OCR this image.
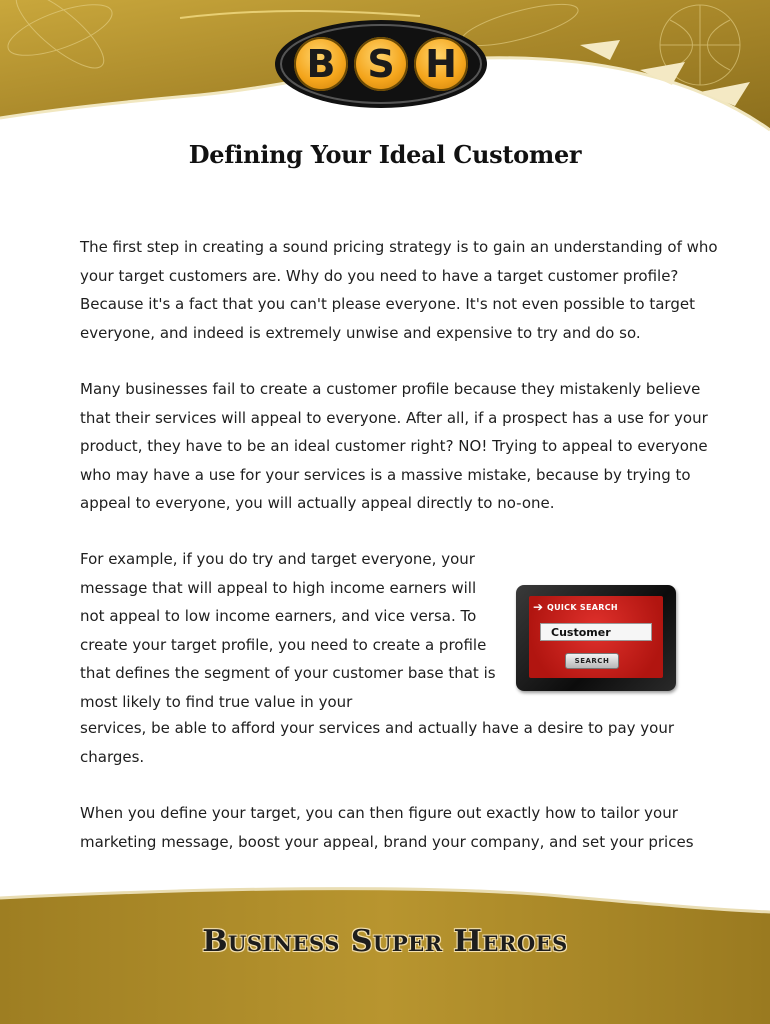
B S H
Defining Your Ideal Customer

The first step in creating a sound pricing strategy is to gain an understanding of who your target customers are. Why do you need to have a target customer profile? Because it's a fact that you can't please everyone. It's not even possible to target everyone, and indeed is extremely unwise and expensive to try and do so.

Many businesses fail to create a customer profile because they mistakenly believe that their services will appeal to everyone. After all, if a prospect has a use for your product, they have to be an ideal customer right? NO! Trying to appeal to everyone who may have a use for your services is a massive mistake, because by trying to appeal to everyone, you will actually appeal directly to no-one.

For example, if you do try and target everyone, your message that will appeal to high income earners will not appeal to low income earners, and vice versa. To create your target profile, you need to create a profile that defines the segment of your customer base that is most likely to find true value in your

services, be able to afford your services and actually have a desire to pay your charges.

When you define your target, you can then figure out exactly how to tailor your marketing message, boost your appeal, brand your company, and set your prices

➔ QUICK SEARCH
Customer
SEARCH
Business Super Heroes
